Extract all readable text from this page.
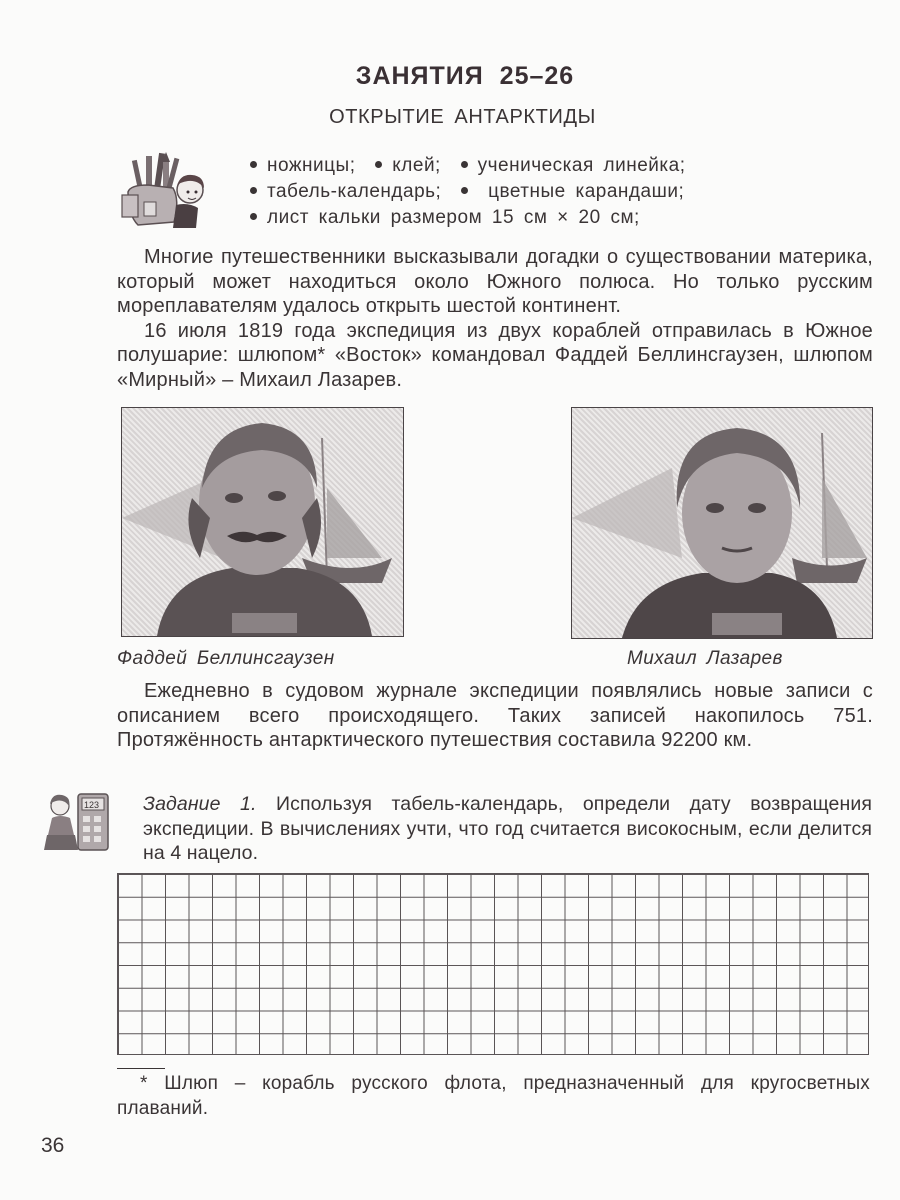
ЗАНЯТИЯ 25–26
ОТКРЫТИЕ АНТАРКТИДЫ
ножницы; клей; ученическая линейка;
табель-календарь; цветные карандаши;
лист кальки размером 15 см × 20 см;

Многие путешественники высказывали догадки о существовании материка, который может находиться около Южного полюса. Но только русским мореплавателям удалось открыть шестой континент.

16 июля 1819 года экспедиция из двух кораблей отправилась в Южное полушарие: шлюпом* «Восток» командовал Фаддей Беллинсгаузен, шлюпом «Мирный» – Михаил Лазарев.

Фаддей Беллинсгаузен	Михаил Лазарев

Ежедневно в судовом журнале экспедиции появлялись новые записи с описанием всего происходящего. Таких записей накопилось 751. Протяжённость антарктического путешествия составила 92200 км.

123 Задание 1. Используя табель-календарь, определи дату возвращения экспедиции. В вычислениях учти, что год считается високосным, если делится на 4 нацело.

* Шлюп – корабль русского флота, предназначенный для кругосветных плаваний.

36
